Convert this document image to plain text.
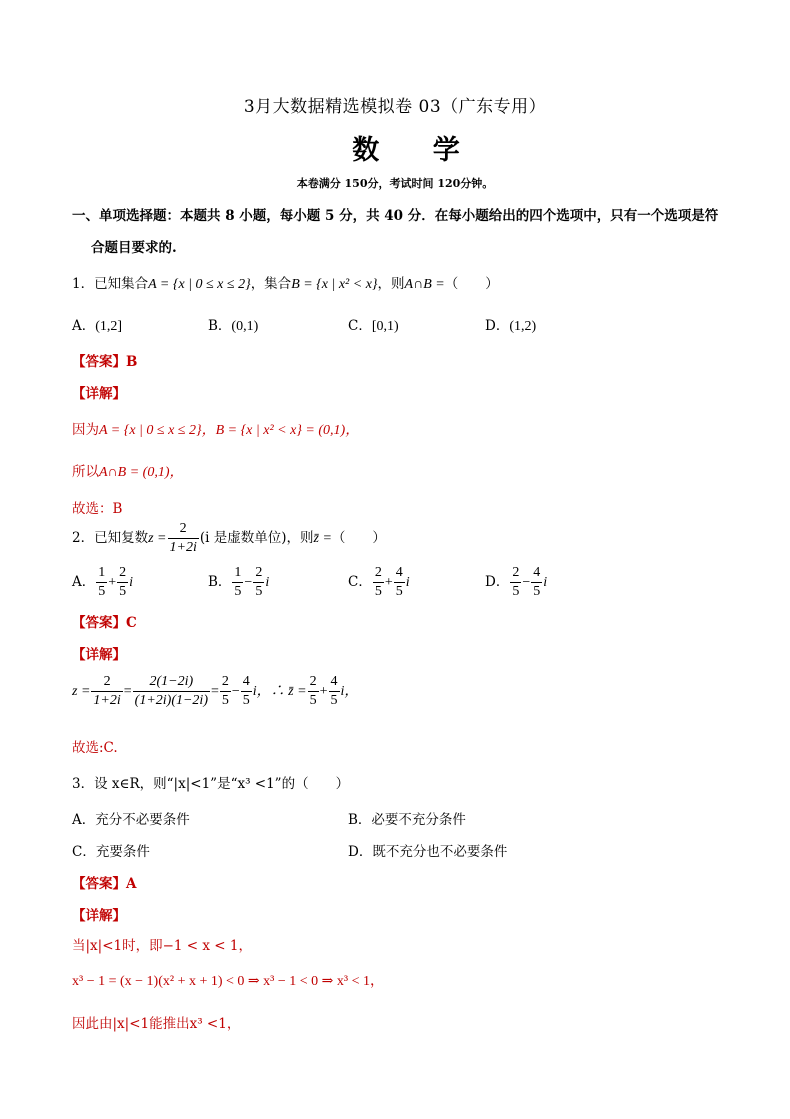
3月大数据精选模拟卷 03（广东专用）
数 学
本卷满分 150分，考试时间 120分钟。
一、单项选择题：本题共 8 小题，每小题 5 分，共 40 分．在每小题给出的四个选项中，只有一个选项是符
合题目要求的.
1．已知集合A = {x | 0 ≤ x ≤ 2}，集合B = {x | x² < x}，则A∩B =（　　）
A．(1,2]	B．(0,1)	C．[0,1)	D．(1,2)
【答案】B
【详解】
因为A = {x | 0 ≤ x ≤ 2}，B = {x | x² < x} = (0,1)，
所以A∩B = (0,1)，
故选：B
2．已知复数$z = \frac{2}{1+2i} (i$ 是虚数单位)，则z̄ =（　　）
A． $\frac{1}{5} + \frac{2}{5}$ i	B． $\frac{1}{5} - \frac{2}{5}$ i	C． $\frac{2}{5} + \frac{4}{5}$ i	D． $\frac{2}{5} - \frac{4}{5}$ i
【答案】C
【详解】
$z = \frac{2}{1+2i} = \frac{2(1-2i)}{(1+2i)(1-2i)} = \frac{2}{5} - \frac{4}{5}$ i，∴ z̄ = $\frac{2}{5} + \frac{4}{5}$ i，
故选:C.
3．设 x∈R，则“|x|<1”是“x³ <1”的（　　）
A．充分不必要条件	B．必要不充分条件
C．充要条件	D．既不充分也不必要条件
【答案】A
【详解】
当|x|<1时，即−1 < x < 1，
x³ − 1 = (x − 1)(x² + x + 1) < 0 ⇒ x³ − 1 < 0 ⇒ x³ < 1，
因此由|x|<1能推出x³ <1，
